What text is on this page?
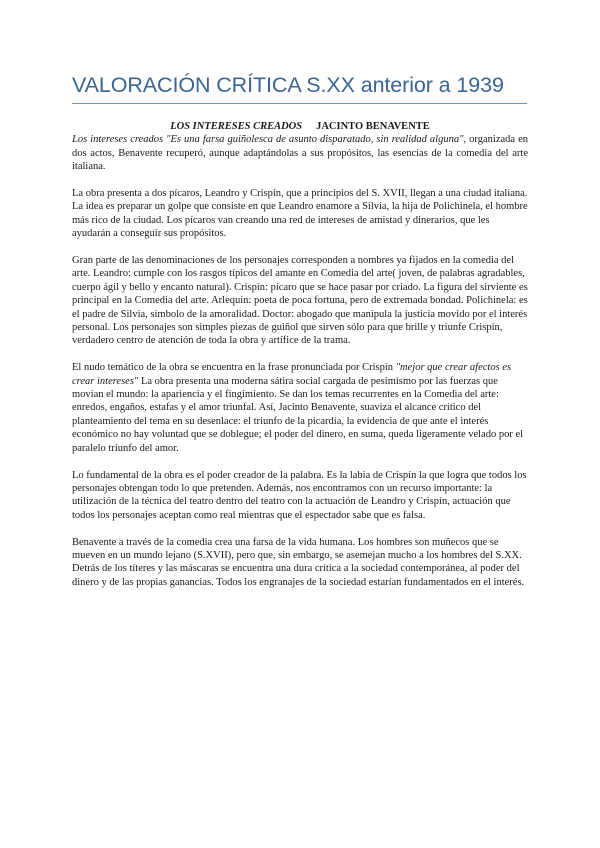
VALORACIÓN CRÍTICA S.XX anterior a 1939

LOS INTERESES CREADOS JACINTO BENAVENTE

Los intereses creados "Es una farsa guiñolesca de asunto disparatado, sin realidad alguna", organizada en dos actos, Benavente recuperó, aunque adaptándolas a sus propósitos, las esencias de la comedia del arte italiana.

La obra presenta a dos pícaros, Leandro y Crispín, que a principios del S. XVII, llegan a una ciudad italiana. La idea es preparar un golpe que consiste en que Leandro enamore a Silvia, la hija de Polichinela, el hombre más rico de la ciudad. Los pícaros van creando una red de intereses de amistad y dinerarios, que les ayudarán a conseguir sus propósitos.

Gran parte de las denominaciones de los personajes corresponden a nombres ya fijados en la comedia del arte. Leandro: cumple con los rasgos típicos del amante en Comedia del arte( joven, de palabras agradables, cuerpo ágil y bello y encanto natural). Crispín: pícaro que se hace pasar por criado. La figura del sirviente es principal en la Comedia del arte. Arlequín: poeta de poca fortuna, pero de extremada bondad. Polichinela: es el padre de Silvia, símbolo de la amoralidad. Doctor: abogado que manipula la justicia movido por el interés personal. Los personajes son simples piezas de guiñol que sirven sólo para que brille y triunfe Crispín, verdadero centro de atención de toda la obra y artífice de la trama.

El nudo temático de la obra se encuentra en la frase pronunciada por Crispín "mejor que crear afectos es crear intereses" La obra presenta una moderna sátira social cargada de pesimismo por las fuerzas que movían el mundo: la apariencia y el fingimiento. Se dan los temas recurrentes en la Comedia del arte: enredos, engaños, estafas y el amor triunfal. Así, Jacinto Benavente, suaviza el alcance crítico del planteamiento del tema en su desenlace: el triunfo de la picardía, la evidencia de que ante el interés económico no hay voluntad que se doblegue; el poder del dinero, en suma, queda ligeramente velado por el paralelo triunfo del amor.

Lo fundamental de la obra es el poder creador de la palabra. Es la labia de Crispín la que logra que todos los personajes obtengan todo lo que pretenden. Además, nos encontramos con un recurso importante: la utilización de la técnica del teatro dentro del teatro con la actuación de Leandro y Crispín, actuación que todos los personajes aceptan como real mientras que el espectador sabe que es falsa.

Benavente a través de la comedia crea una farsa de la vida humana. Los hombres son muñecos que se mueven en un mundo lejano (S.XVII), pero que, sin embargo, se asemejan mucho a los hombres del S.XX. Detrás de los títeres y las máscaras se encuentra una dura crítica a la sociedad contemporánea, al poder del dinero y de las propias ganancias. Todos los engranajes de la sociedad estarían fundamentados en el interés.
